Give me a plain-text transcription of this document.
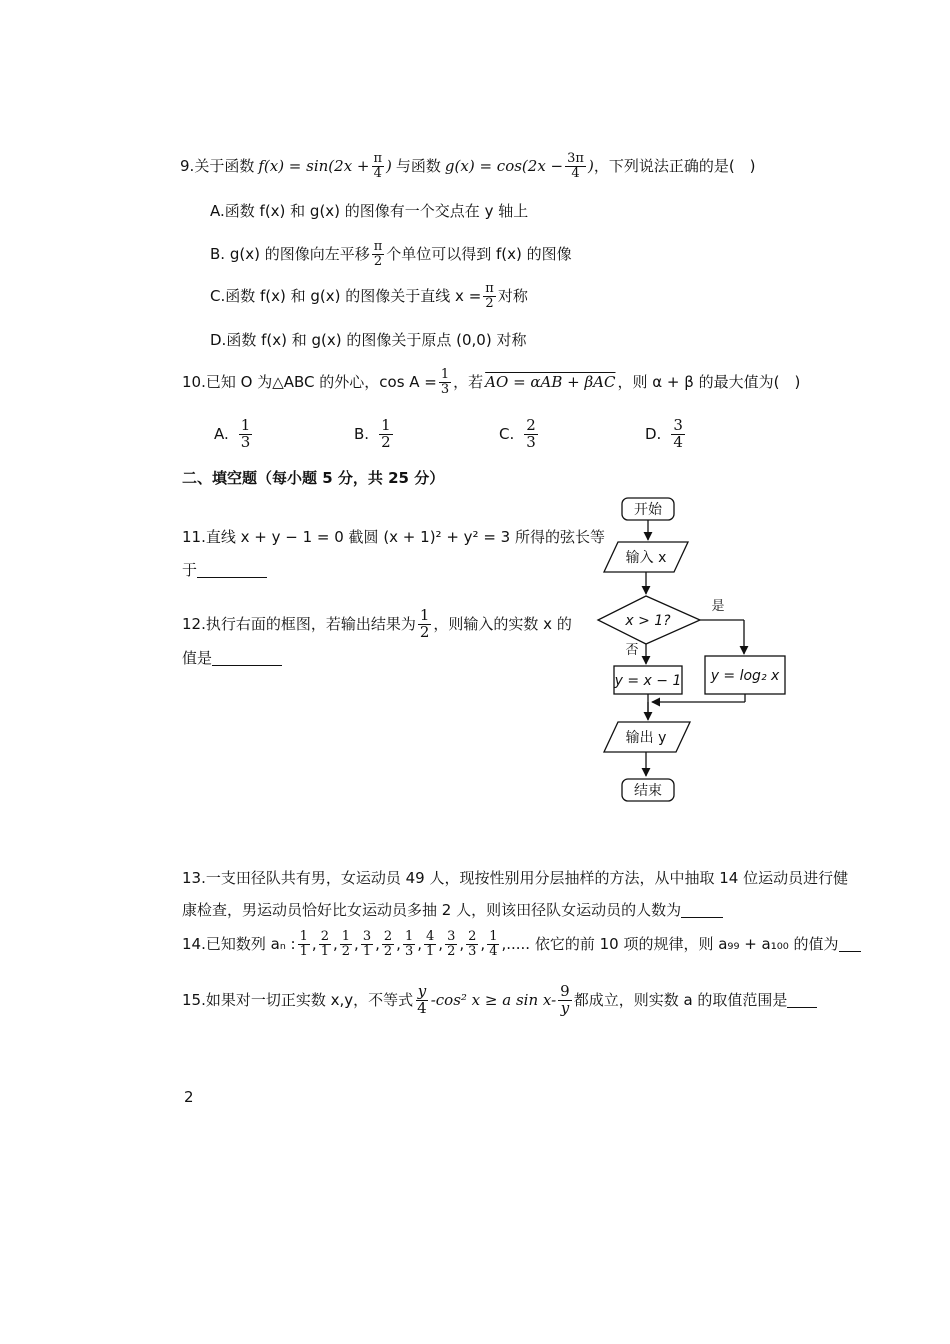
9. 关于函数 $f(x) = \sin(2x + \frac{\pi}{4}$ ) 与函数 $g(x) = \cos(2x - \frac{3\pi}{4}$ ) ，下列说法正确的是(　)
A.函数 f(x) 和 g(x) 的图像有一个交点在 y 轴上
B. g(x) 的图像向左平移 $\frac{\pi}{2}$ 个单位可以得到 f(x) 的图像
C.函数 f(x) 和 g(x) 的图像关于直线 $x = \frac{\pi}{2}$ 对称
D.函数 f(x) 和 g(x) 的图像关于原点 (0,0) 对称
10.已知 O 为△ABC 的外心，$\cos A = \frac{1}{3}$ ，若 AO = αAB + βAC ，则 α + β 的最大值为(　)
A. $\frac{1}{3}$	B. $\frac{1}{2}$	C. $\frac{2}{3}$	D. $\frac{3}{4}$
二、填空题（每小题 5 分，共 25 分）
11.直线 x + y − 1 = 0 截圆 (x + 1)² + y² = 3 所得的弦长等
于
12.执行右面的框图，若输出结果为 $\frac{1}{2}$ ，则输入的实数 x 的
值是
开始
输入 x
x > 1?
是
否
y = x − 1 y = log₂ x
输出 y
结束
13.一支田径队共有男，女运动员 49 人，现按性别用分层抽样的方法，从中抽取 14 位运动员进行健
康检查，男运动员恰好比女运动员多抽 2 人，则该田径队女运动员的人数为
14.已知数列 aₙ : $\frac{1}{1}$ , $\frac{2}{1}$ , $\frac{1}{2}$ , $\frac{3}{1}$ , $\frac{2}{2}$ , $\frac{1}{3}$ , $\frac{4}{1}$ , $\frac{3}{2}$ , $\frac{2}{3}$ , $\frac{1}{4}$ ,..... 依它的前 10 项的规律，则 a₉₉ + a₁₀₀ 的值为
15.如果对一切正实数 x,y，不等式 $\frac{y}{4} -\cos^2$ x ≥ a $\sin x- \frac{9}{y}$ 都成立，则实数 a 的取值范围是
2
